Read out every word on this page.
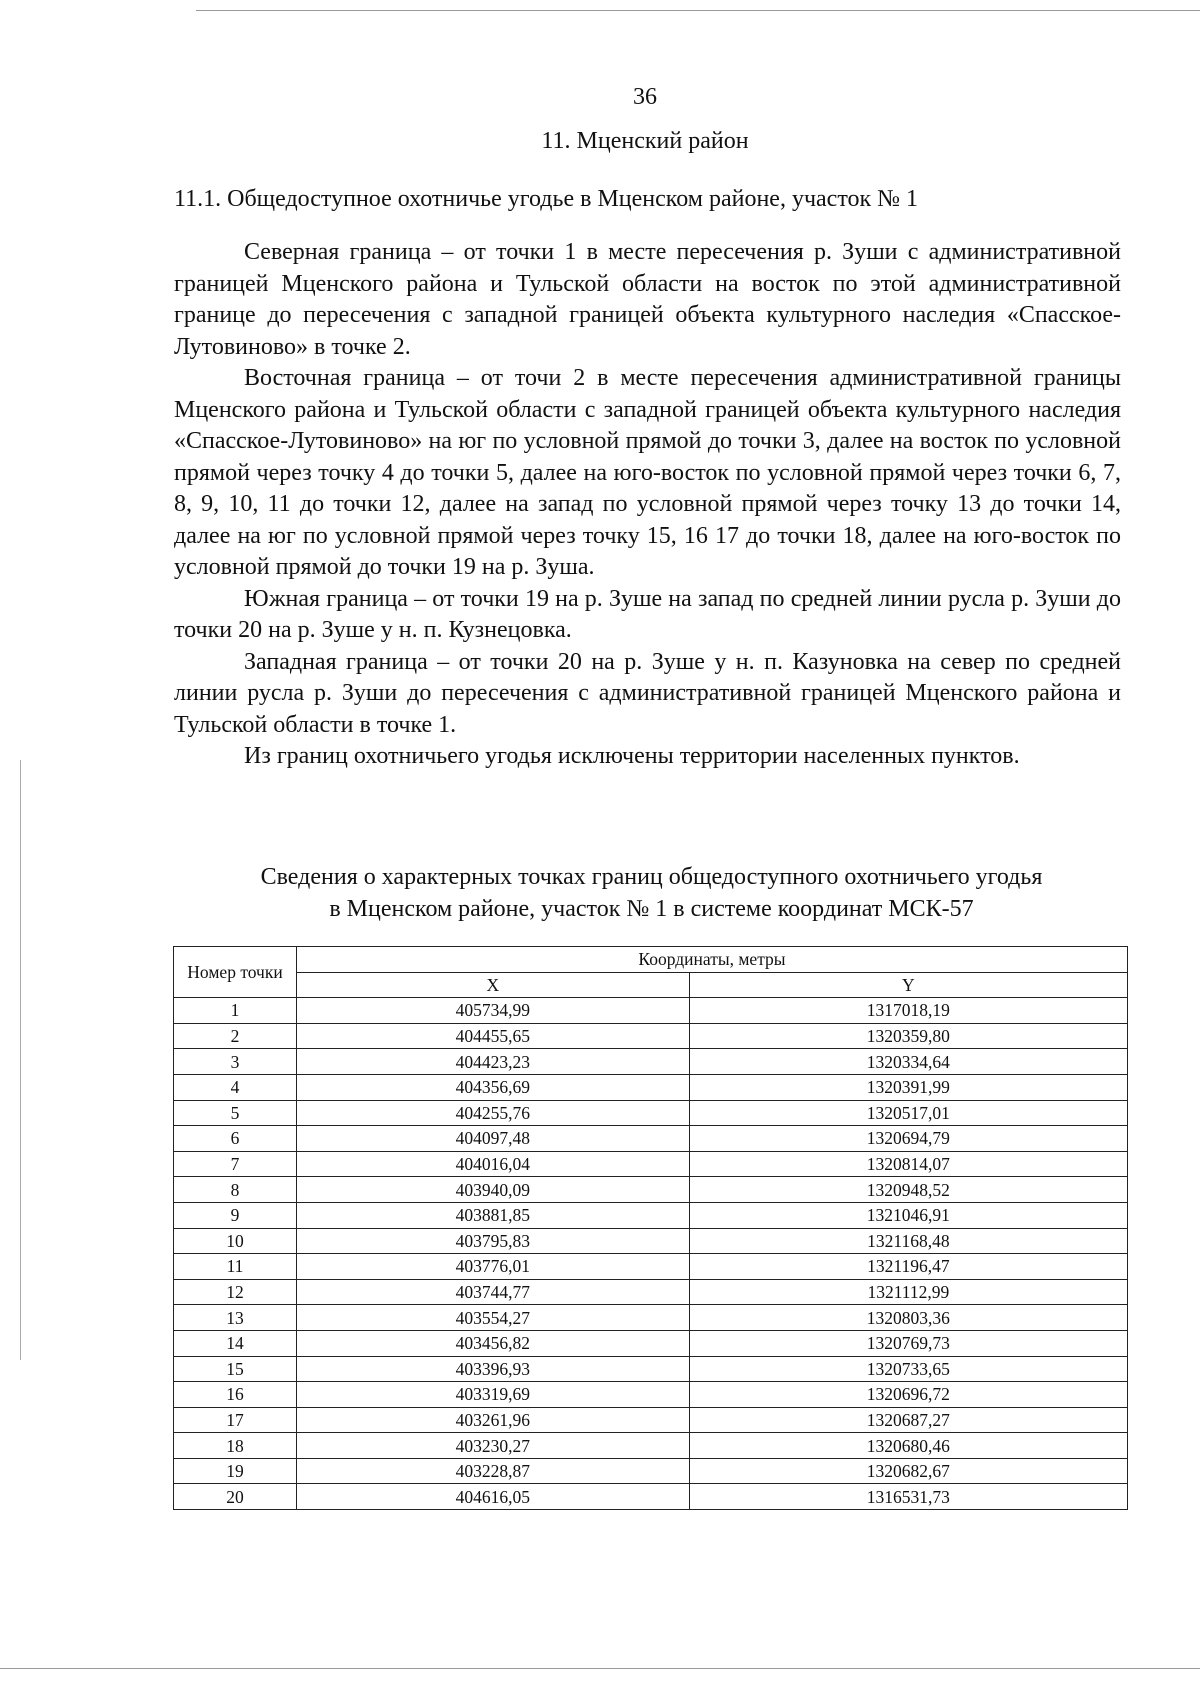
36
11. Мценский район
11.1. Общедоступное охотничье угодье в Мценском районе, участок № 1

Северная граница – от точки 1 в месте пересечения р. Зуши с административной границей Мценского района и Тульской области на восток по этой административной границе до пересечения с западной границей объекта культурного наследия «Спасское-Лутовиново» в точке 2.

Восточная граница – от точи 2 в месте пересечения административной границы Мценского района и Тульской области с западной границей объекта культурного наследия «Спасское-Лутовиново» на юг по условной прямой до точки 3, далее на восток по условной прямой через точку 4 до точки 5, далее на юго-восток по условной прямой через точки 6, 7, 8, 9, 10, 11 до точки 12, далее на запад по условной прямой через точку 13 до точки 14, далее на юг по условной прямой через точку 15, 16 17 до точки 18, далее на юго-восток по условной прямой до точки 19 на р. Зуша.

Южная граница – от точки 19 на р. Зуше на запад по средней линии русла р. Зуши до точки 20 на р. Зуше у н. п. Кузнецовка.

Западная граница – от точки 20 на р. Зуше у н. п. Казуновка на север по средней линии русла р. Зуши до пересечения с административной границей Мценского района и Тульской области в точке 1.

Из границ охотничьего угодья исключены территории населенных пунктов.

Сведения о характерных точках границ общедоступного охотничьего угодья
в Мценском районе, участок № 1 в системе координат МСК-57
Номер точки	Координаты, метры	
	X	Y
1	405734,99	1317018,19
2	404455,65	1320359,80
3	404423,23	1320334,64
4	404356,69	1320391,99
5	404255,76	1320517,01
6	404097,48	1320694,79
7	404016,04	1320814,07
8	403940,09	1320948,52
9	403881,85	1321046,91
10	403795,83	1321168,48
11	403776,01	1321196,47
12	403744,77	1321112,99
13	403554,27	1320803,36
14	403456,82	1320769,73
15	403396,93	1320733,65
16	403319,69	1320696,72
17	403261,96	1320687,27
18	403230,27	1320680,46
19	403228,87	1320682,67
20	404616,05	1316531,73
